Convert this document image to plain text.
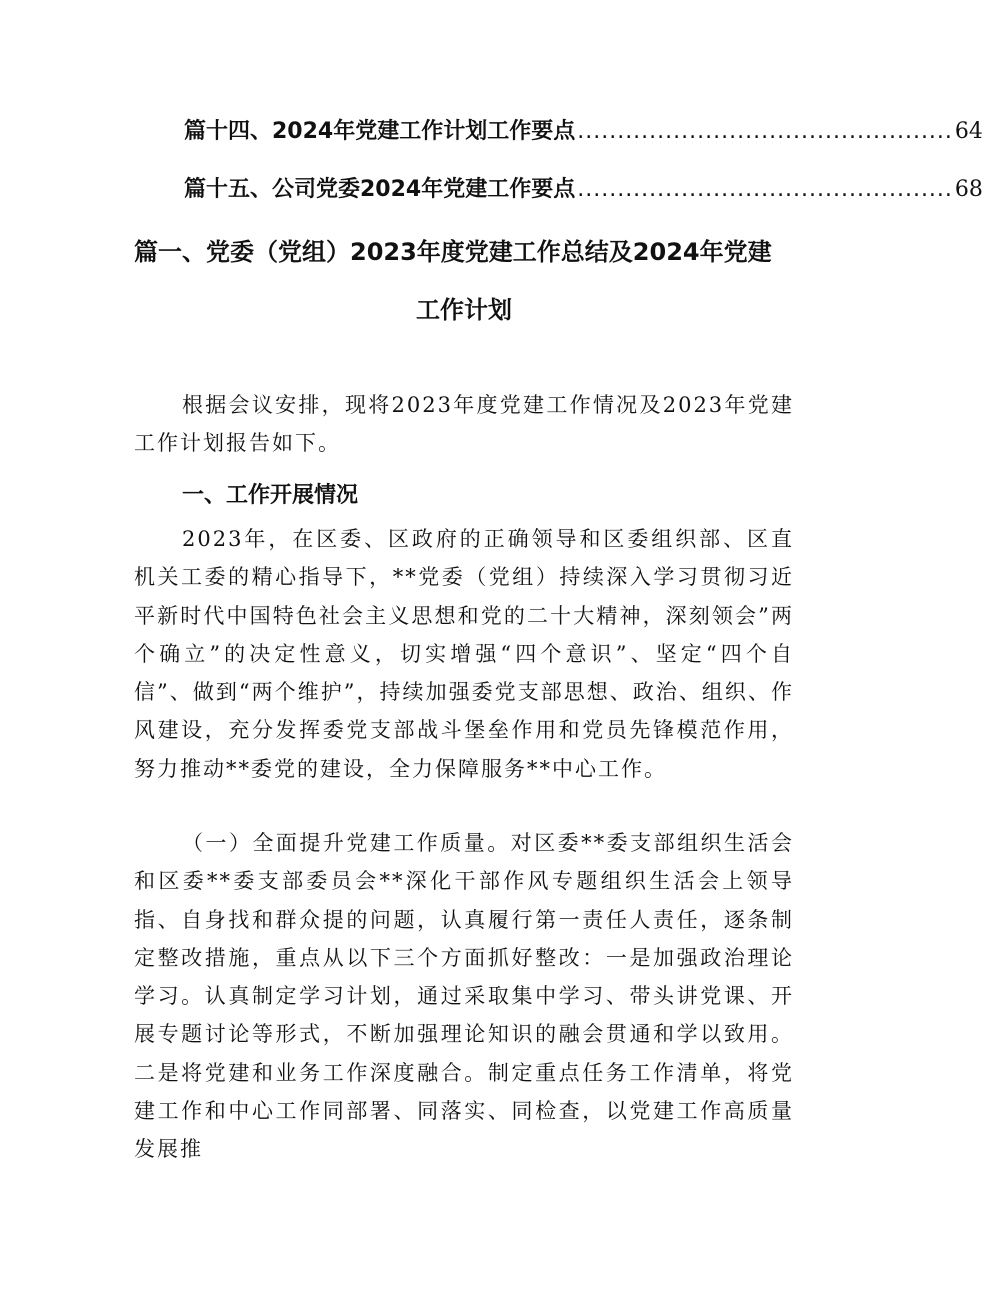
篇十四、2024年党建工作计划工作要点 ............................................... 64
篇十五、公司党委2024年党建工作要点 ............................................... 68
篇一、党委（党组）2023年度党建工作总结及2024年党建
工作计划

根据会议安排，现将2023年度党建工作情况及2023年党建工作计划报告如下。

一、工作开展情况

2023年，在区委、区政府的正确领导和区委组织部、区直机关工委的精心指导下，**党委（党组）持续深入学习贯彻习近平新时代中国特色社会主义思想和党的二十大精神，深刻领会”两个确立”的决定性意义，切实增强“四个意识”、坚定“四个自信”、做到“两个维护”，持续加强委党支部思想、政治、组织、作风建设，充分发挥委党支部战斗堡垒作用和党员先锋模范作用，努力推动**委党的建设，全力保障服务**中心工作。

（一）全面提升党建工作质量。对区委**委支部组织生活会和区委**委支部委员会**深化干部作风专题组织生活会上领导指、自身找和群众提的问题，认真履行第一责任人责任，逐条制定整改措施，重点从以下三个方面抓好整改：一是加强政治理论学习。认真制定学习计划，通过采取集中学习、带头讲党课、开展专题讨论等形式，不断加强理论知识的融会贯通和学以致用。二是将党建和业务工作深度融合。制定重点任务工作清单，将党建工作和中心工作同部署、同落实、同检查，以党建工作高质量发展推
